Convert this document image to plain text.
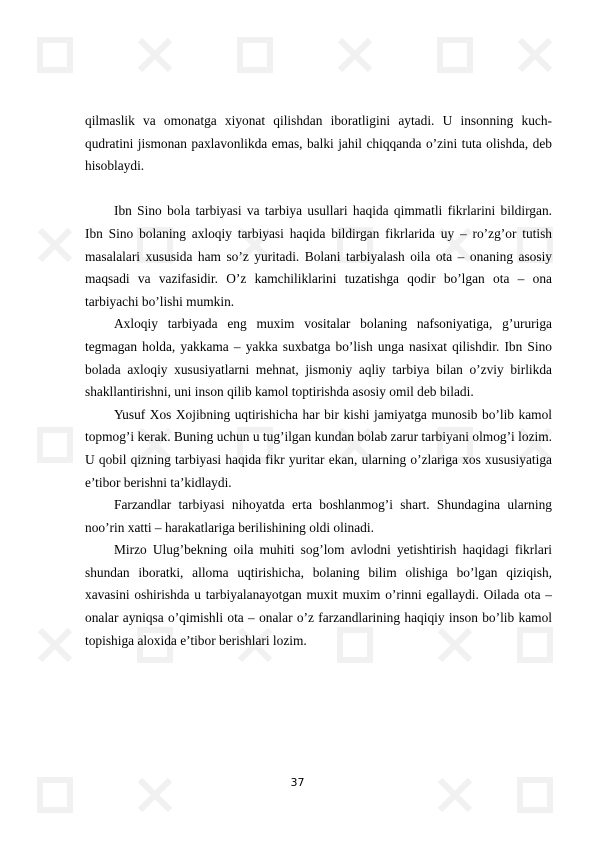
qilmaslik va omonatga xiyonat qilishdan iboratligini aytadi. U insonning kuch-qudratini jismonan paxlavonlikda emas, balki jahil chiqqanda o’zini tuta olishda, deb hisoblaydi.

Ibn Sino bola tarbiyasi va tarbiya usullari haqida qimmatli fikrlarini bildirgan. Ibn Sino bolaning axloqiy tarbiyasi haqida bildirgan fikrlarida uy – ro’zg’or tutish masalalari xususida ham so’z yuritadi. Bolani tarbiyalash oila ota – onaning asosiy maqsadi va vazifasidir. O’z kamchiliklarini tuzatishga qodir bo’lgan ota – ona tarbiyachi bo’lishi mumkin.

Axloqiy tarbiyada eng muxim vositalar bolaning nafsoniyatiga, g’ururiga tegmagan holda, yakkama – yakka suxbatga bo’lish unga nasixat qilishdir. Ibn Sino bolada axloqiy xususiyatlarni mehnat, jismoniy aqliy tarbiya bilan o’zviy birlikda shakllantirishni, uni inson qilib kamol toptirishda asosiy omil deb biladi.

Yusuf Xos Xojibning uqtirishicha har bir kishi jamiyatga munosib bo’lib kamol topmog’i kerak. Buning uchun u tug’ilgan kundan bolab zarur tarbiyani olmog’i lozim. U qobil qizning tarbiyasi haqida fikr yuritar ekan, ularning o’zlariga xos xususiyatiga e’tibor berishni ta’kidlaydi.

Farzandlar tarbiyasi nihoyatda erta boshlanmog’i shart. Shundagina ularning noo’rin xatti – harakatlariga berilishining oldi olinadi.

Mirzo Ulug’bekning oila muhiti sog’lom avlodni yetishtirish haqidagi fikrlari shundan iboratki, alloma uqtirishicha, bolaning bilim olishiga bo’lgan qiziqish, xavasini oshirishda u tarbiyalanayotgan muxit muxim o’rinni egallaydi. Oilada ota – onalar ayniqsa o’qimishli ota – onalar o’z farzandlarining haqiqiy inson bo’lib kamol topishiga aloxida e’tibor berishlari lozim.

37
